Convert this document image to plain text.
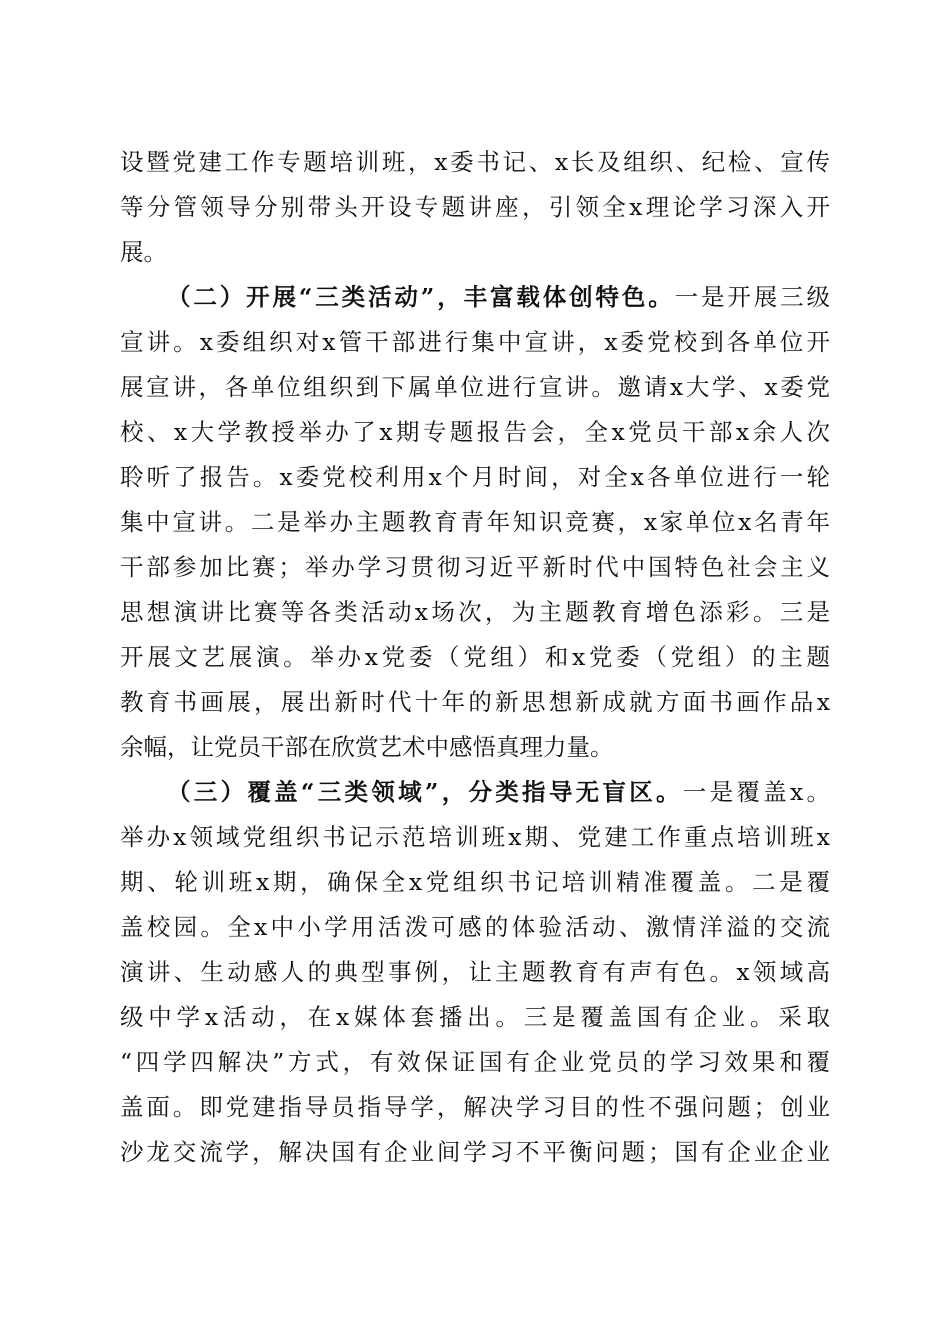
设暨党建工作专题培训班，x委书记、x长及组织、纪检、宣传
等分管领导分别带头开设专题讲座，引领全x理论学习深入开
展。
（二）开展“三类活动”，丰富载体创特色。一是开展三级
宣讲。x委组织对x管干部进行集中宣讲，x委党校到各单位开
展宣讲，各单位组织到下属单位进行宣讲。邀请x大学、x委党
校、x大学教授举办了x期专题报告会，全x党员干部x余人次
聆听了报告。x委党校利用x个月时间，对全x各单位进行一轮
集中宣讲。二是举办主题教育青年知识竞赛，x家单位x名青年
干部参加比赛；举办学习贯彻习近平新时代中国特色社会主义
思想演讲比赛等各类活动x场次，为主题教育增色添彩。三是
开展文艺展演。举办x党委（党组）和x党委（党组）的主题
教育书画展，展出新时代十年的新思想新成就方面书画作品x
余幅，让党员干部在欣赏艺术中感悟真理力量。
（三）覆盖“三类领域”，分类指导无盲区。一是覆盖x。
举办x领域党组织书记示范培训班x期、党建工作重点培训班x
期、轮训班x期，确保全x党组织书记培训精准覆盖。二是覆
盖校园。全x中小学用活泼可感的体验活动、激情洋溢的交流
演讲、生动感人的典型事例，让主题教育有声有色。x领域高
级中学x活动，在x媒体套播出。三是覆盖国有企业。采取
“四学四解决”方式，有效保证国有企业党员的学习效果和覆
盖面。即党建指导员指导学，解决学习目的性不强问题；创业
沙龙交流学，解决国有企业间学习不平衡问题；国有企业企业
